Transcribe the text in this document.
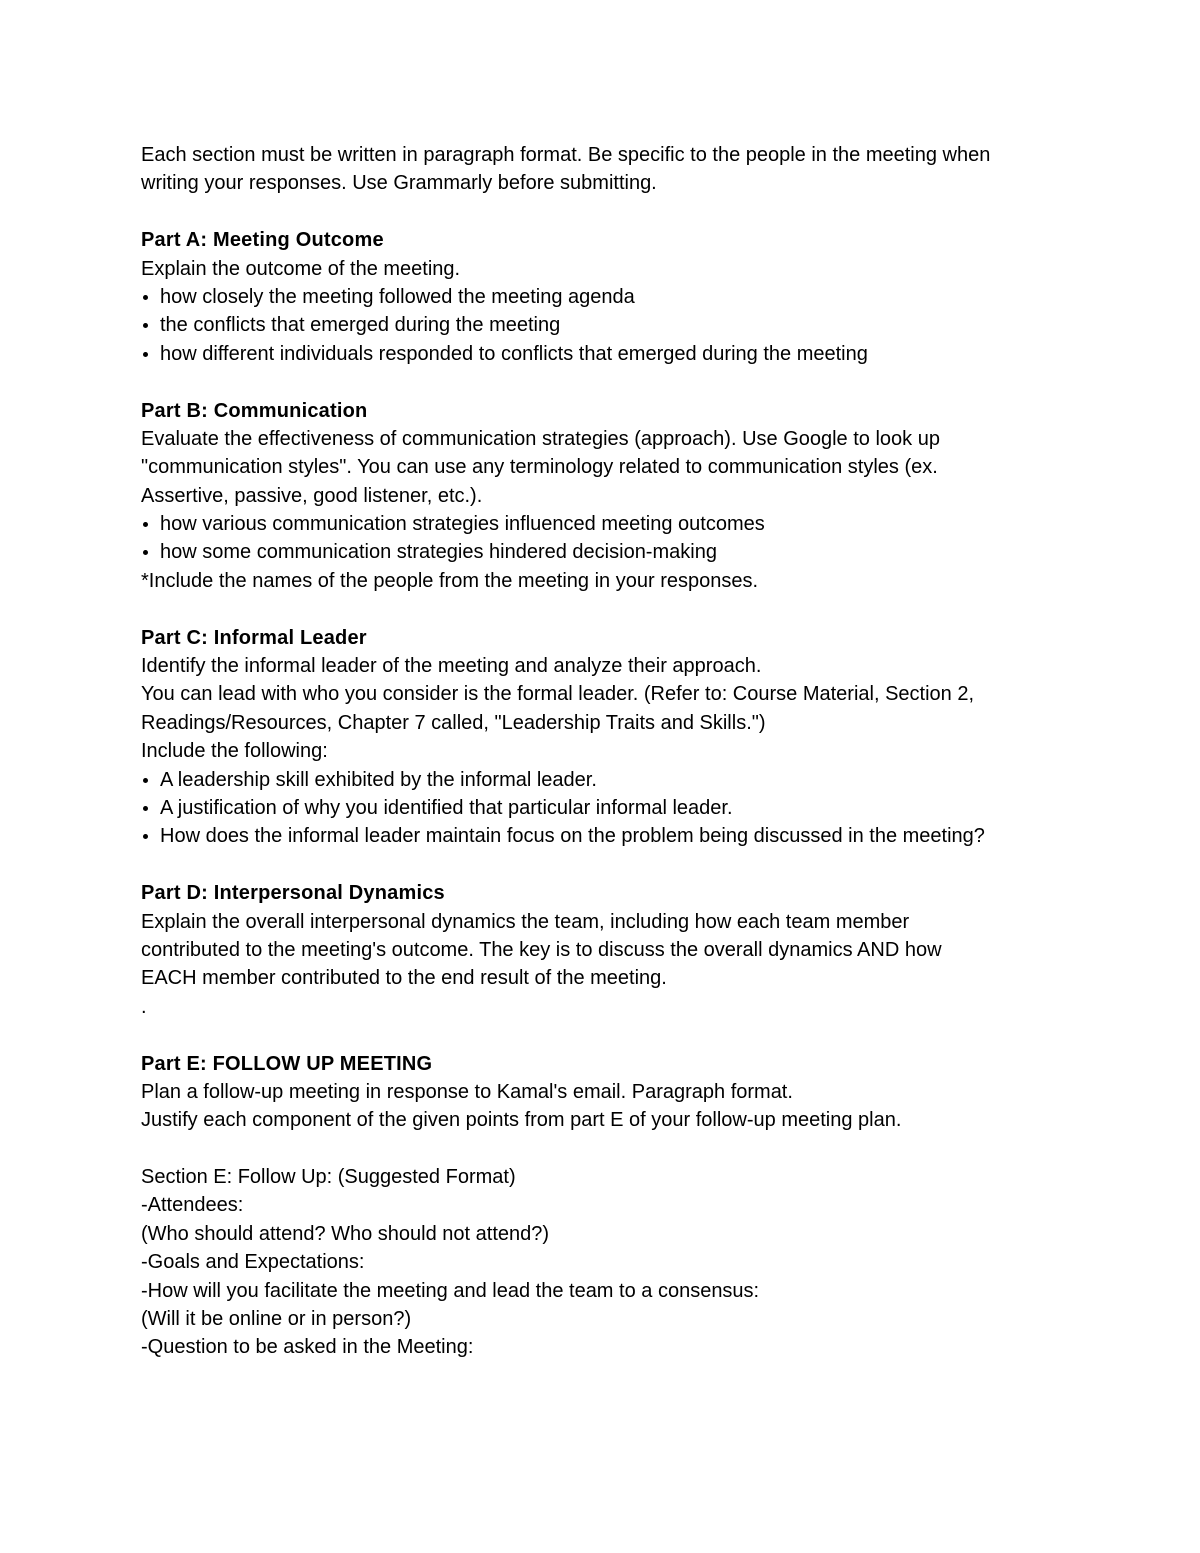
Each section must be written in paragraph format. Be specific to the people in the meeting when
writing your responses. Use Grammarly before submitting.
Part A: Meeting Outcome
Explain the outcome of the meeting.
how closely the meeting followed the meeting agenda
the conflicts that emerged during the meeting
how different individuals responded to conflicts that emerged during the meeting
Part B: Communication
Evaluate the effectiveness of communication strategies (approach). Use Google to look up
"communication styles". You can use any terminology related to communication styles (ex.
Assertive, passive, good listener, etc.).
how various communication strategies influenced meeting outcomes
how some communication strategies hindered decision-making
*Include the names of the people from the meeting in your responses.
Part C: Informal Leader
Identify the informal leader of the meeting and analyze their approach.
You can lead with who you consider is the formal leader. (Refer to: Course Material, Section 2,
Readings/Resources, Chapter 7 called, "Leadership Traits and Skills.")
Include the following:
A leadership skill exhibited by the informal leader.
A justification of why you identified that particular informal leader.
How does the informal leader maintain focus on the problem being discussed in the meeting?
Part D: Interpersonal Dynamics
Explain the overall interpersonal dynamics the team, including how each team member
contributed to the meeting's outcome. The key is to discuss the overall dynamics AND how
EACH member contributed to the end result of the meeting.
.
Part E: FOLLOW UP MEETING
Plan a follow-up meeting in response to Kamal's email. Paragraph format.
Justify each component of the given points from part E of your follow-up meeting plan.
Section E: Follow Up: (Suggested Format)
-Attendees:
(Who should attend? Who should not attend?)
-Goals and Expectations:
-How will you facilitate the meeting and lead the team to a consensus:
(Will it be online or in person?)
-Question to be asked in the Meeting:
